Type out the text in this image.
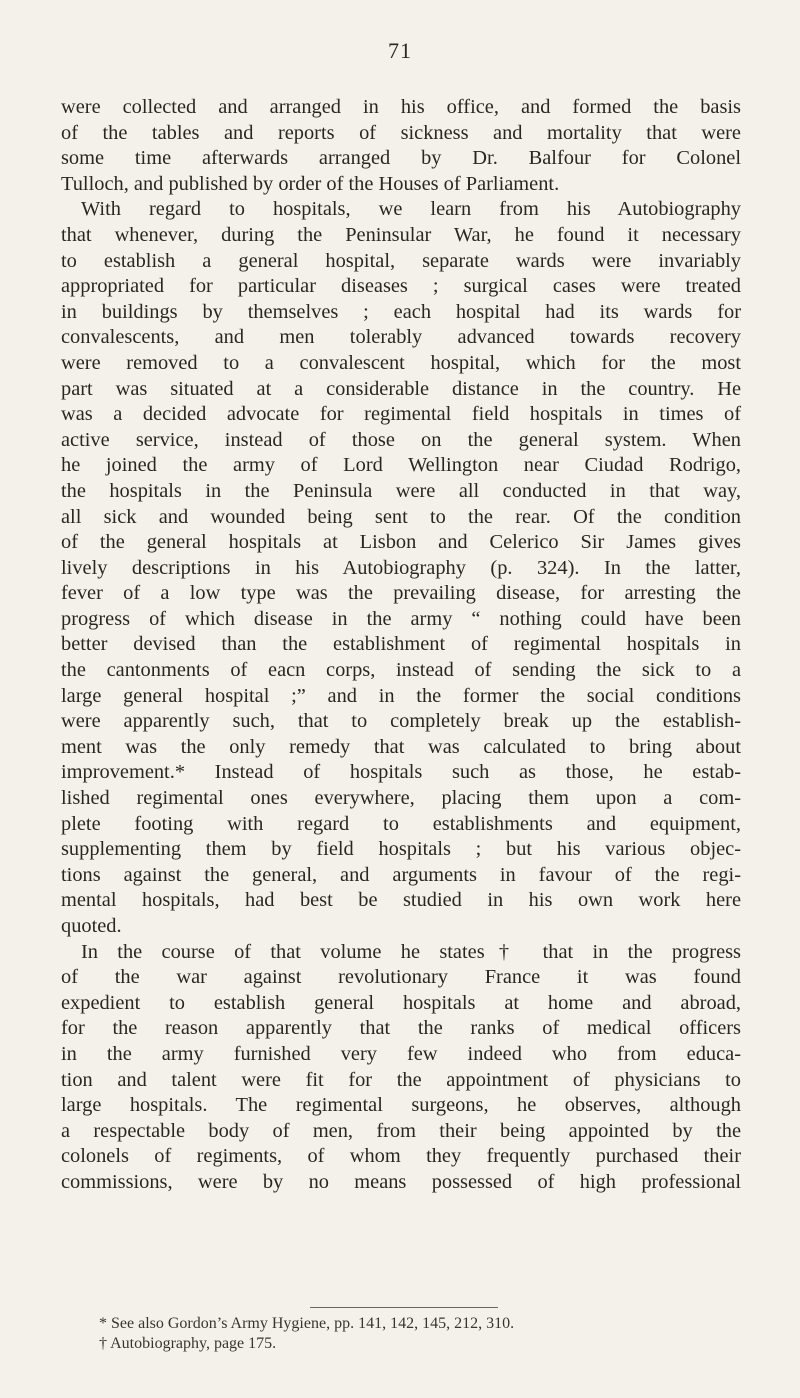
71
were collected and arranged in his office, and formed the basis
of the tables and reports of sickness and mortality that were
some time afterwards arranged by Dr. Balfour for Colonel
Tulloch, and published by order of the Houses of Parliament.
With regard to hospitals, we learn from his Autobiography
that whenever, during the Peninsular War, he found it necessary
to establish a general hospital, separate wards were invariably
appropriated for particular diseases ; surgical cases were treated
in buildings by themselves ; each hospital had its wards for
convalescents, and men tolerably advanced towards recovery
were removed to a convalescent hospital, which for the most
part was situated at a considerable distance in the country. He
was a decided advocate for regimental field hospitals in times of
active service, instead of those on the general system. When
he joined the army of Lord Wellington near Ciudad Rodrigo,
the hospitals in the Peninsula were all conducted in that way,
all sick and wounded being sent to the rear. Of the condition
of the general hospitals at Lisbon and Celerico Sir James gives
lively descriptions in his Autobiography (p. 324). In the latter,
fever of a low type was the prevailing disease, for arresting the
progress of which disease in the army “ nothing could have been
better devised than the establishment of regimental hospitals in
the cantonments of eacn corps, instead of sending the sick to a
large general hospital ;” and in the former the social conditions
were apparently such, that to completely break up the establish-
ment was the only remedy that was calculated to bring about
improvement.* Instead of hospitals such as those, he estab-
lished regimental ones everywhere, placing them upon a com-
plete footing with regard to establishments and equipment,
supplementing them by field hospitals ; but his various objec-
tions against the general, and arguments in favour of the regi-
mental hospitals, had best be studied in his own work here
quoted.
In the course of that volume he states† that in the progress
of the war against revolutionary France it was found
expedient to establish general hospitals at home and abroad,
for the reason apparently that the ranks of medical officers
in the army furnished very few indeed who from educa-
tion and talent were fit for the appointment of physicians to
large hospitals. The regimental surgeons, he observes, although
a respectable body of men, from their being appointed by the
colonels of regiments, of whom they frequently purchased their
commissions, were by no means possessed of high professional
* See also Gordon’s Army Hygiene, pp. 141, 142, 145, 212, 310.
† Autobiography, page 175.
